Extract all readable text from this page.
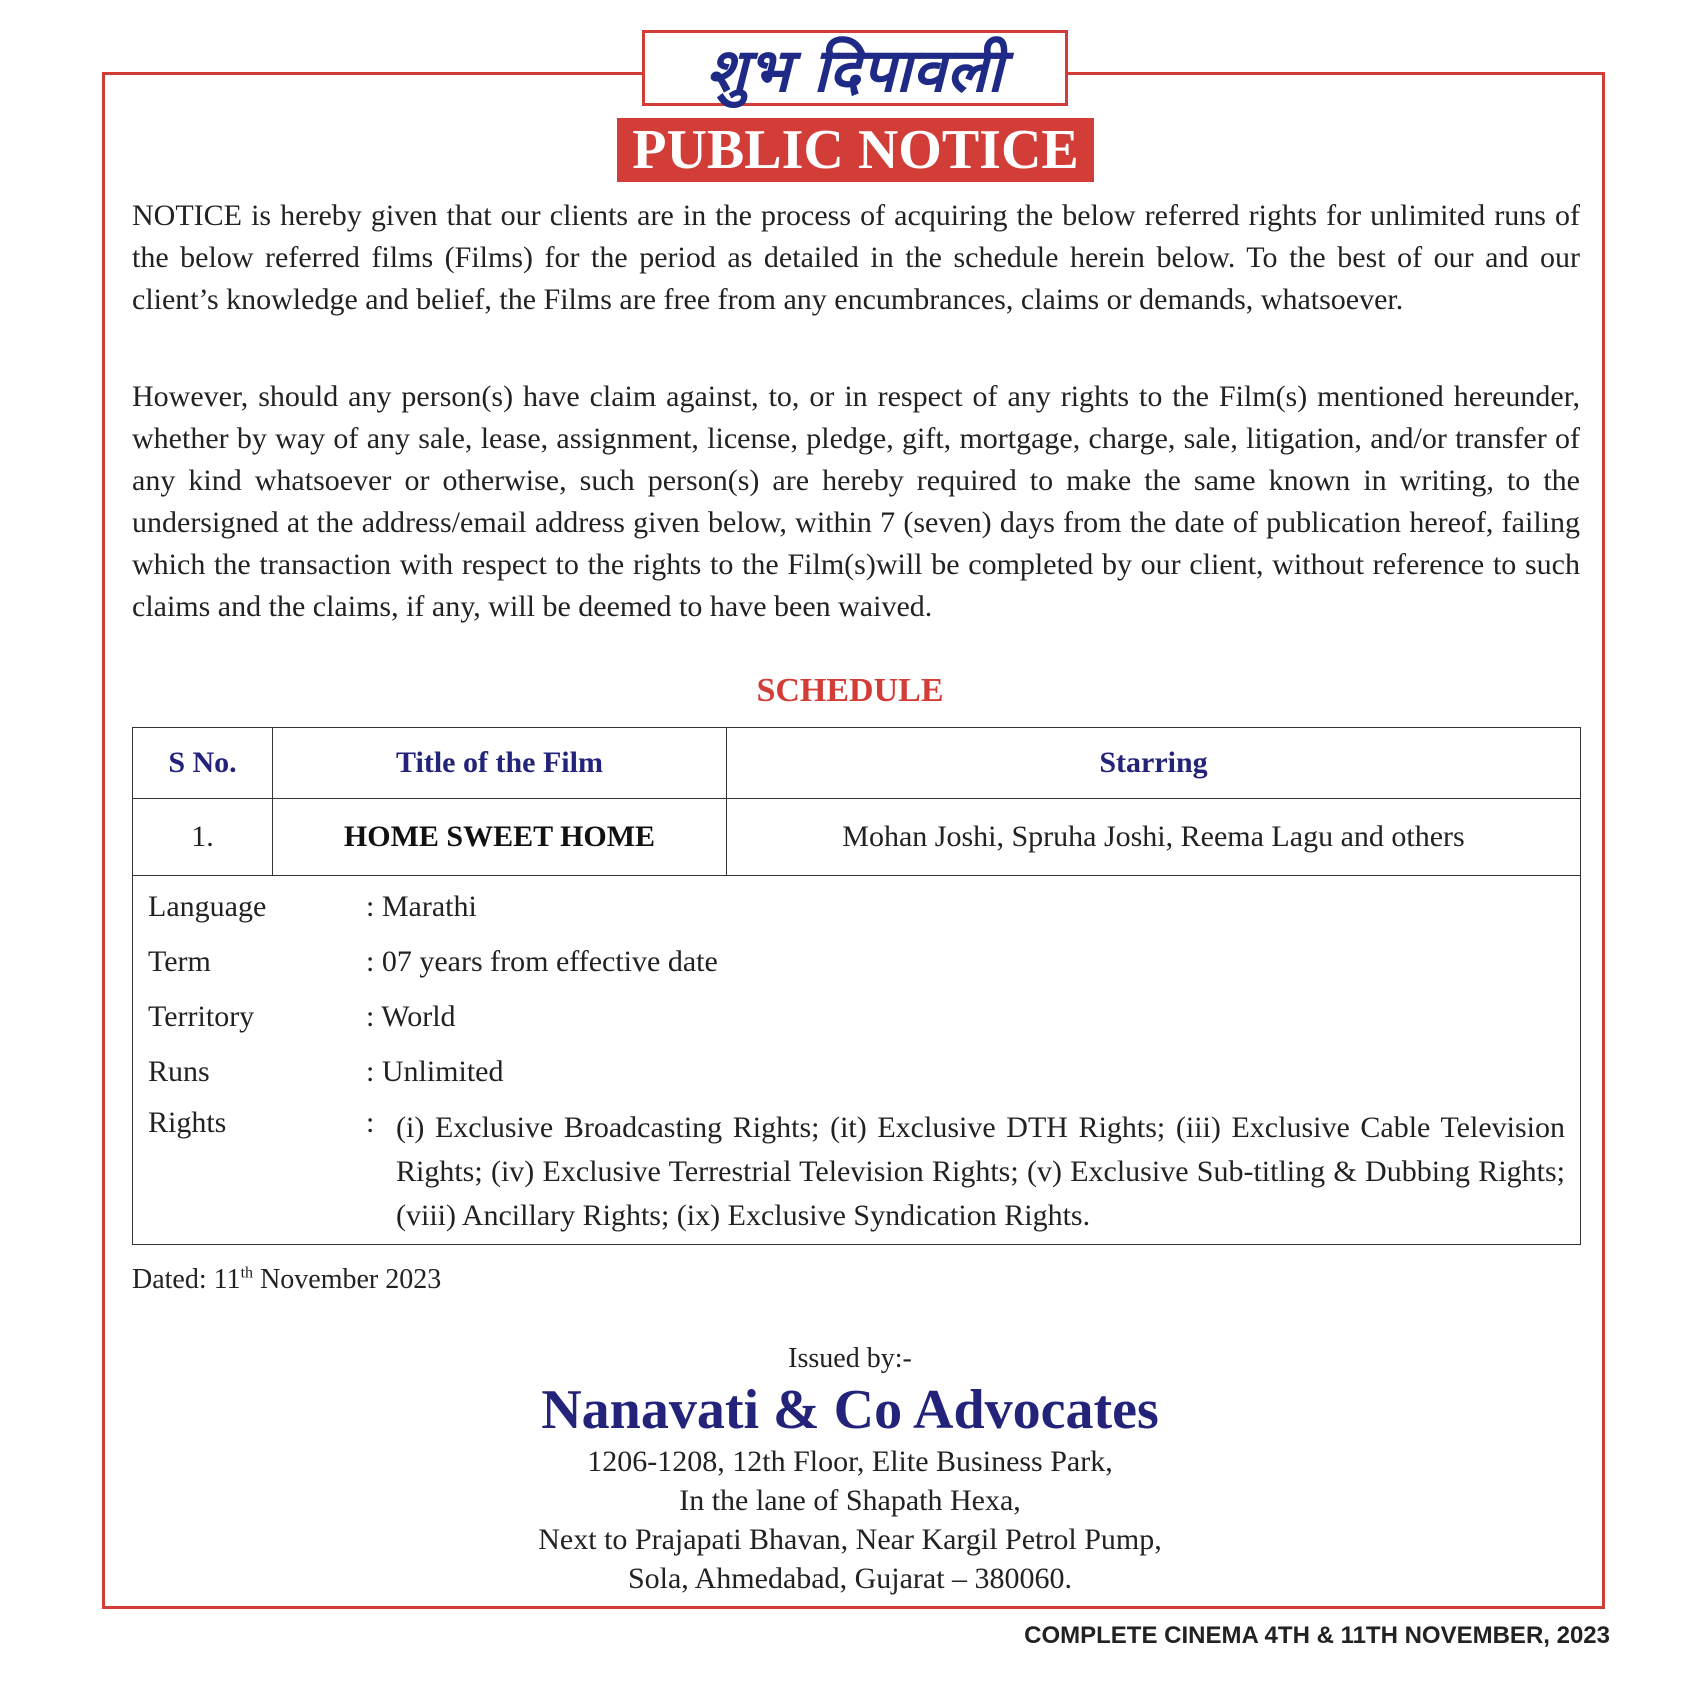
शुभ दिपावली
PUBLIC NOTICE

NOTICE is hereby given that our clients are in the process of acquiring the below referred rights for unlimited runs of the below referred films (Films) for the period as detailed in the schedule herein below. To the best of our and our client’s knowledge and belief, the Films are free from any encumbrances, claims or demands, whatsoever.

However, should any person(s) have claim against, to, or in respect of any rights to the Film(s) mentioned hereunder, whether by way of any sale, lease, assignment, license, pledge, gift, mortgage, charge, sale, litigation, and/or transfer of any kind whatsoever or otherwise, such person(s) are hereby required to make the same known in writing, to the undersigned at the address/email address given below, within 7 (seven) days from the date of publication hereof, failing which the transaction with respect to the rights to the Film(s)will be completed by our client, without reference to such claims and the claims, if any, will be deemed to have been waived.

SCHEDULE
S No.	Title of the Film	Starring
1.	HOME SWEET HOME	Mohan Joshi, Spruha Joshi, Reema Lagu and others
Language	: Marathi
Term	: 07 years from effective date
Territory	: World
Runs	: Unlimited
Rights	: (i) Exclusive Broadcasting Rights; (it) Exclusive DTH Rights; (iii) Exclusive Cable Television Rights; (iv) Exclusive Terrestrial Television Rights; (v) Exclusive Sub-titling & Dubbing Rights; (viii) Ancillary Rights; (ix) Exclusive Syndication Rights.
Dated: 11th November 2023
Issued by:-
Nanavati & Co Advocates
1206-1208, 12th Floor, Elite Business Park,
In the lane of Shapath Hexa,
Next to Prajapati Bhavan, Near Kargil Petrol Pump,
Sola, Ahmedabad, Gujarat – 380060.
COMPLETE CINEMA 4TH & 11TH NOVEMBER, 2023
